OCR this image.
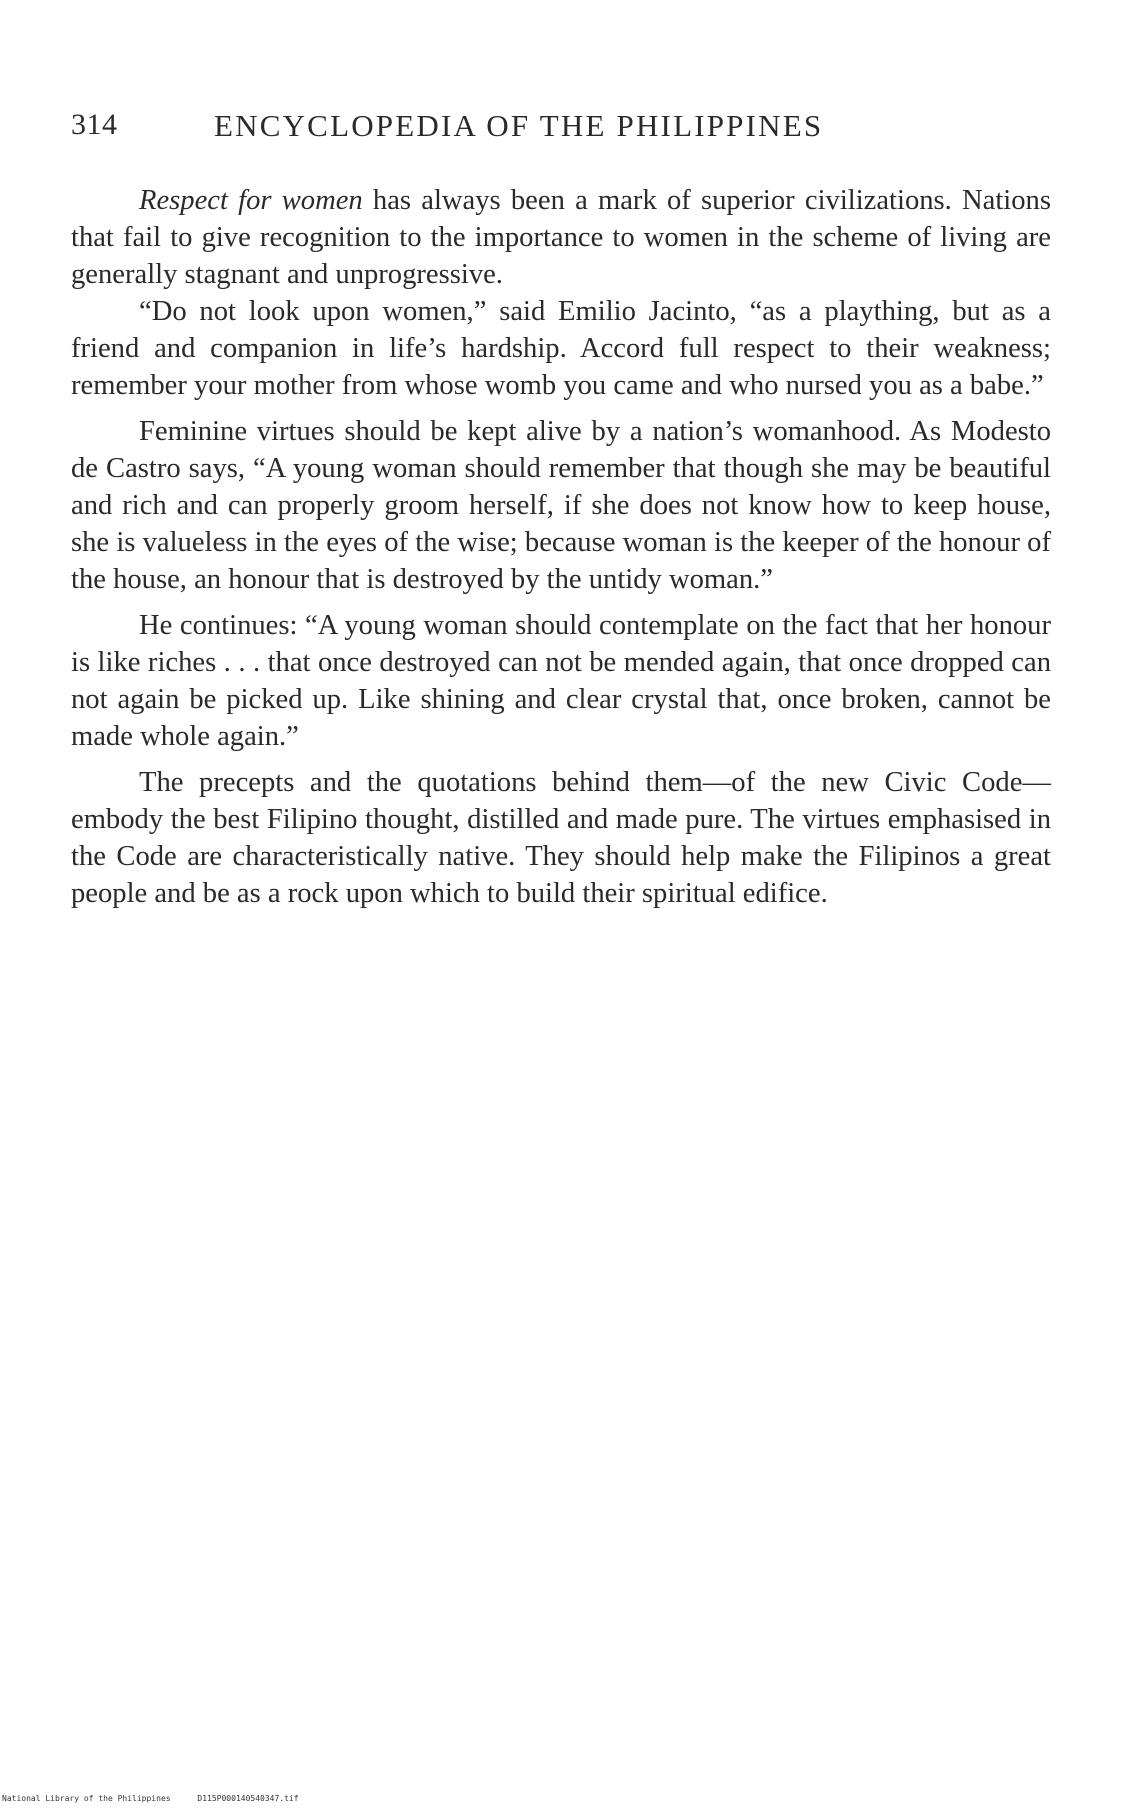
314	ENCYCLOPEDIA OF THE PHILIPPINES

Respect for women has always been a mark of superior civilizations. Nations that fail to give recognition to the importance to women in the scheme of living are generally stagnant and unprogressive.

“Do not look upon women,” said Emilio Jacinto, “as a plaything, but as a friend and companion in life’s hardship. Accord full respect to their weakness; remember your mother from whose womb you came and who nursed you as a babe.”

Feminine virtues should be kept alive by a nation’s womanhood. As Modesto de Castro says, “A young woman should remember that though she may be beautiful and rich and can properly groom herself, if she does not know how to keep house, she is valueless in the eyes of the wise; because woman is the keeper of the honour of the house, an honour that is destroyed by the untidy woman.”

He continues: “A young woman should contemplate on the fact that her honour is like riches . . . that once destroyed can not be mended again, that once dropped can not again be picked up. Like shining and clear crystal that, once broken, cannot be made whole again.”

The precepts and the quotations behind them—of the new Civic Code—embody the best Filipino thought, distilled and made pure. The virtues emphasised in the Code are characteristically native. They should help make the Filipinos a great people and be as a rock upon which to build their spiritual edifice.

National Library of the Philippines	D115P000140540347.tif
